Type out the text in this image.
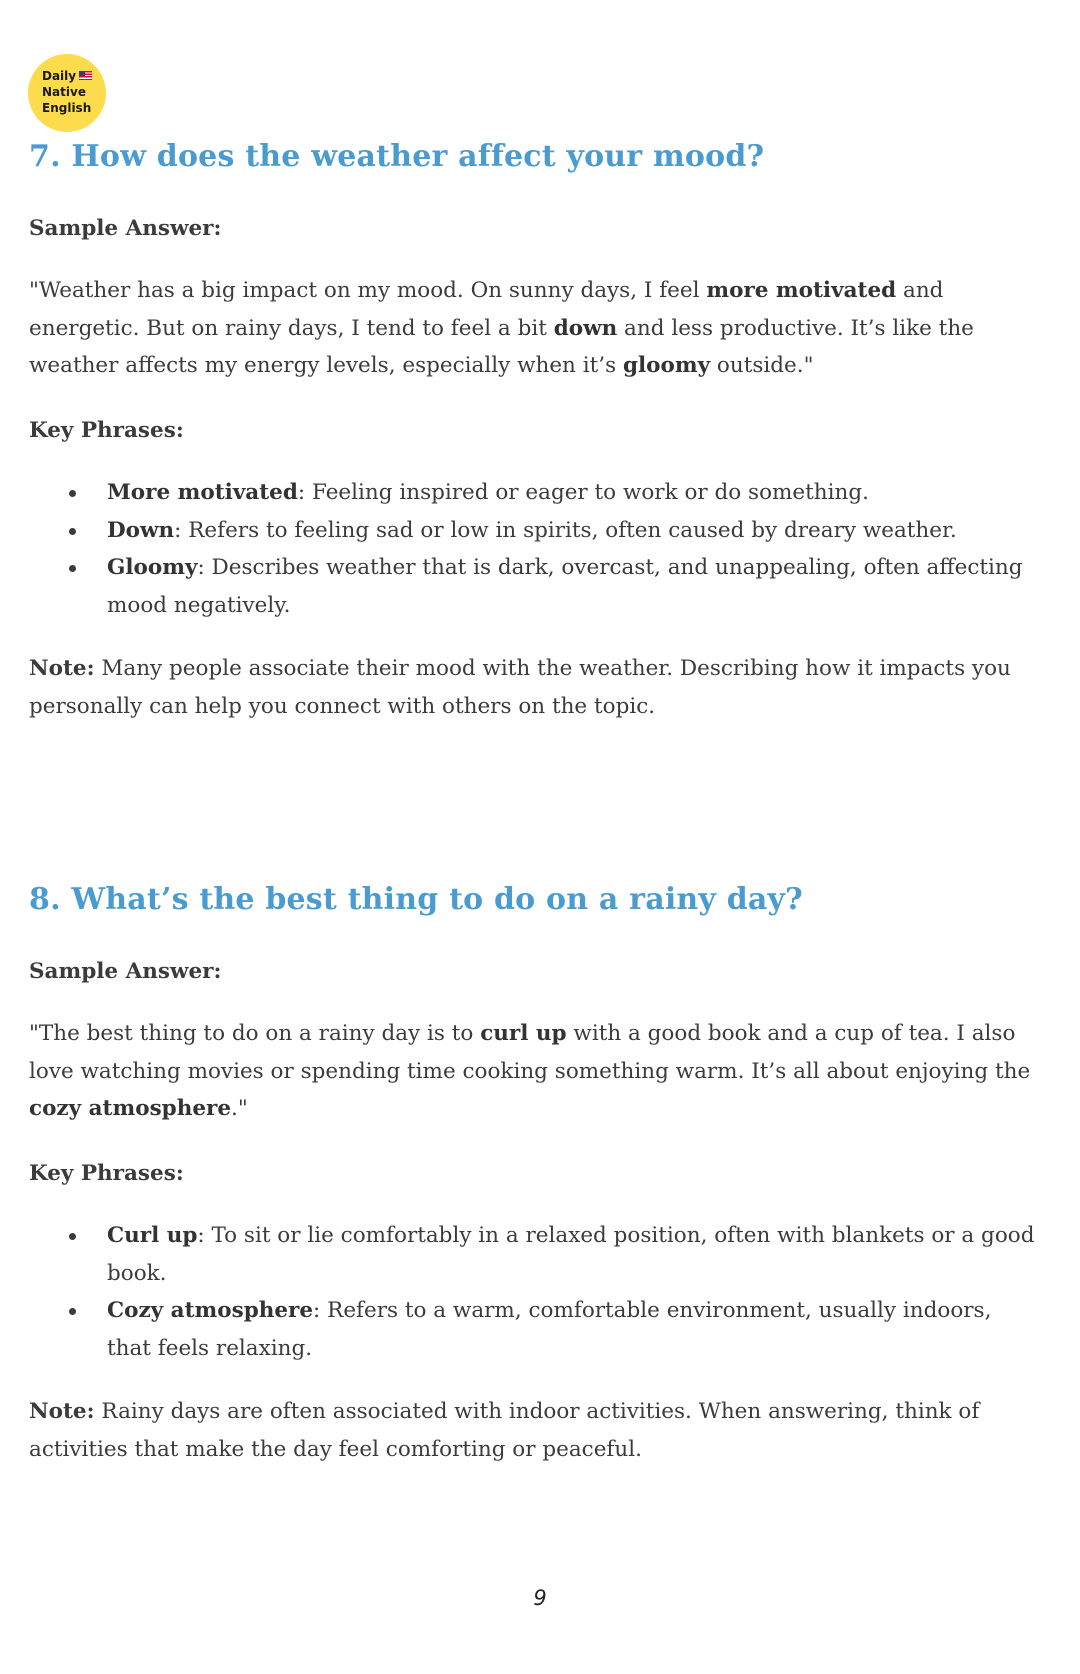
Daily
Native
English
7. How does the weather affect your mood?

Sample Answer:

"Weather has a big impact on my mood. On sunny days, I feel more motivated and energetic. But on rainy days, I tend to feel a bit down and less productive. It’s like the weather affects my energy levels, especially when it’s gloomy outside."

Key Phrases:

More motivated: Feeling inspired or eager to work or do something.
Down: Refers to feeling sad or low in spirits, often caused by dreary weather.
Gloomy: Describes weather that is dark, overcast, and unappealing, often affecting mood negatively.

Note: Many people associate their mood with the weather. Describing how it impacts you personally can help you connect with others on the topic.

8. What’s the best thing to do on a rainy day?

Sample Answer:

"The best thing to do on a rainy day is to curl up with a good book and a cup of tea. I also love watching movies or spending time cooking something warm. It’s all about enjoying the cozy atmosphere."

Key Phrases:

Curl up: To sit or lie comfortably in a relaxed position, often with blankets or a good book.
Cozy atmosphere: Refers to a warm, comfortable environment, usually indoors, that feels relaxing.

Note: Rainy days are often associated with indoor activities. When answering, think of activities that make the day feel comforting or peaceful.

9
